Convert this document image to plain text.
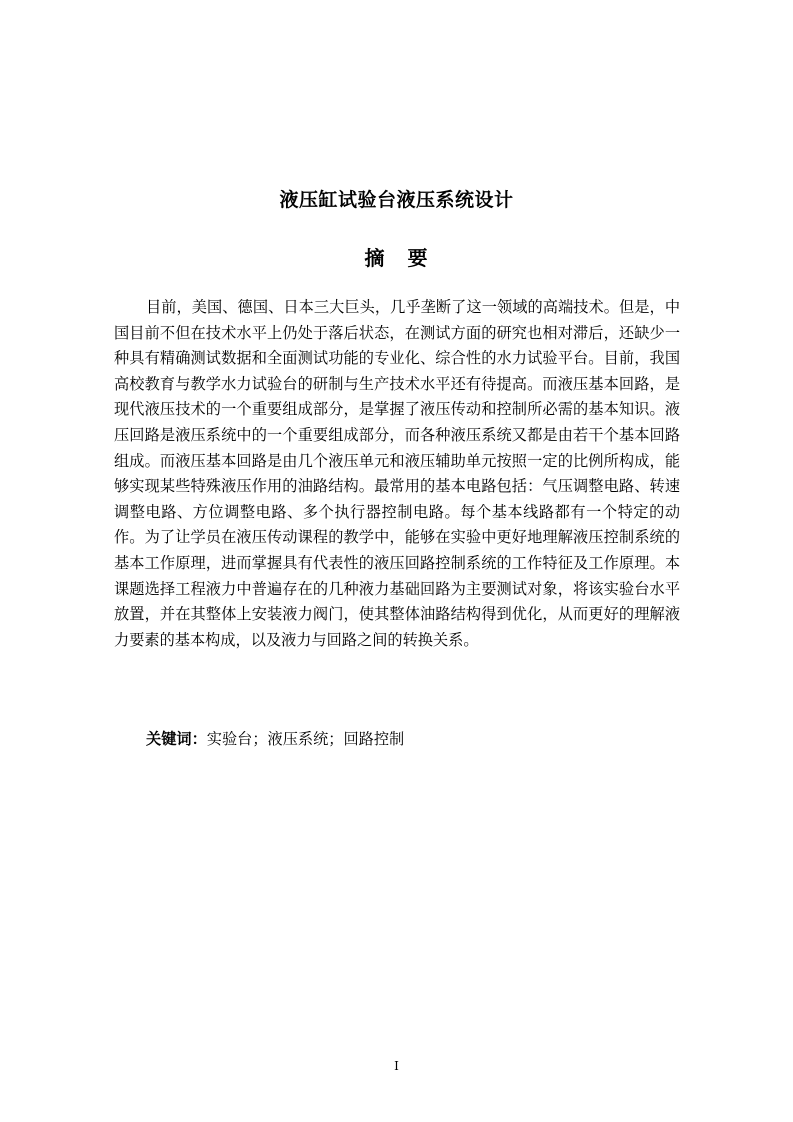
液压缸试验台液压系统设计
摘 要

目前，美国、德国、日本三大巨头，几乎垄断了这一领域的高端技术。但是，中国目前不但在技术水平上仍处于落后状态，在测试方面的研究也相对滞后，还缺少一种具有精确测试数据和全面测试功能的专业化、综合性的水力试验平台。目前，我国高校教育与教学水力试验台的研制与生产技术水平还有待提高。而液压基本回路，是现代液压技术的一个重要组成部分，是掌握了液压传动和控制所必需的基本知识。液压回路是液压系统中的一个重要组成部分，而各种液压系统又都是由若干个基本回路组成。而液压基本回路是由几个液压单元和液压辅助单元按照一定的比例所构成，能够实现某些特殊液压作用的油路结构。最常用的基本电路包括：气压调整电路、转速调整电路、方位调整电路、多个执行器控制电路。每个基本线路都有一个特定的动作。为了让学员在液压传动课程的教学中，能够在实验中更好地理解液压控制系统的基本工作原理，进而掌握具有代表性的液压回路控制系统的工作特征及工作原理。本课题选择工程液力中普遍存在的几种液力基础回路为主要测试对象，将该实验台水平放置，并在其整体上安装液力阀门，使其整体油路结构得到优化，从而更好的理解液力要素的基本构成，以及液力与回路之间的转换关系。

关键词：实验台；液压系统；回路控制
I
